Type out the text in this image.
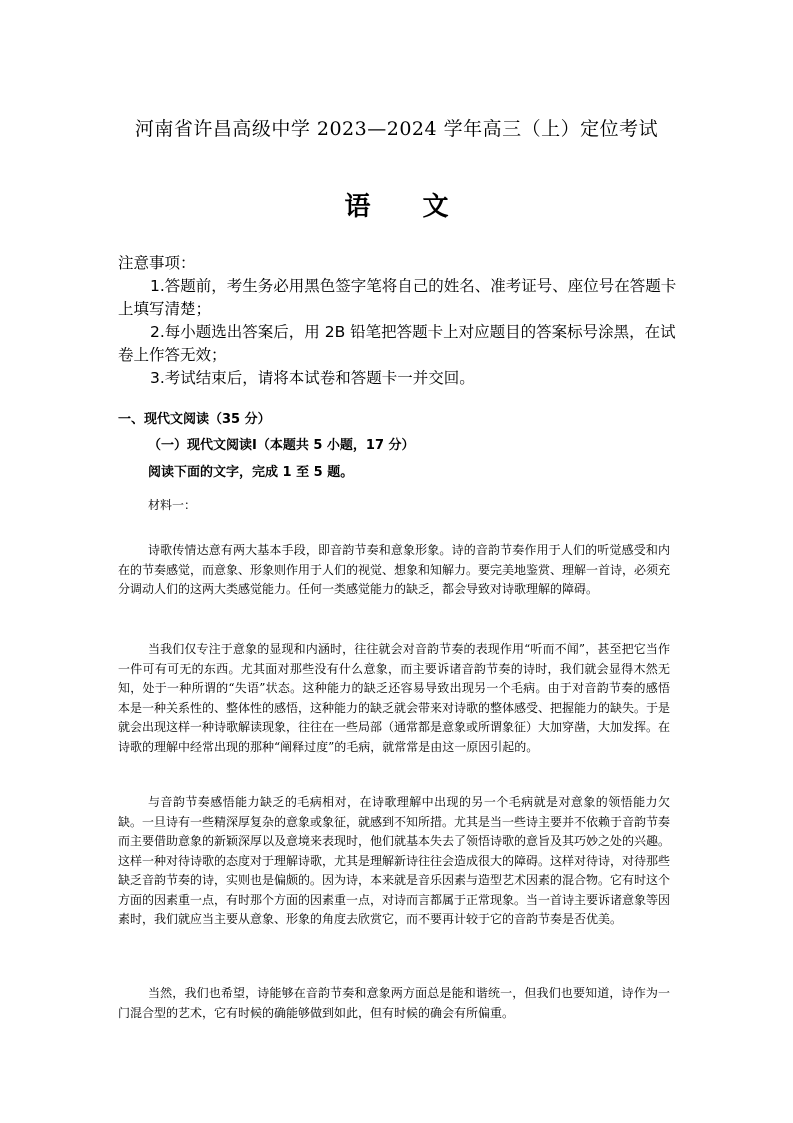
河南省许昌高级中学 2023—2024 学年高三（上）定位考试
语 文

注意事项：

1.答题前，考生务必用黑色签字笔将自己的姓名、准考证号、座位号在答题卡上填写清楚；

2.每小题选出答案后，用 2B 铅笔把答题卡上对应题目的答案标号涂黑，在试卷上作答无效；

3.考试结束后，请将本试卷和答题卡一并交回。

一、现代文阅读（35 分）
（一）现代文阅读Ⅰ（本题共 5 小题，17 分）
阅读下面的文字，完成 1 至 5 题。
材料一：

诗歌传情达意有两大基本手段，即音韵节奏和意象形象。诗的音韵节奏作用于人们的听觉感受和内在的节奏感觉，而意象、形象则作用于人们的视觉、想象和知解力。要完美地鉴赏、理解一首诗，必须充分调动人们的这两大类感觉能力。任何一类感觉能力的缺乏，都会导致对诗歌理解的障碍。

当我们仅专注于意象的显现和内涵时，往往就会对音韵节奏的表现作用“听而不闻”，甚至把它当作一件可有可无的东西。尤其面对那些没有什么意象，而主要诉诸音韵节奏的诗时，我们就会显得木然无知，处于一种所谓的“失语”状态。这种能力的缺乏还容易导致出现另一个毛病。由于对音韵节奏的感悟本是一种关系性的、整体性的感悟，这种能力的缺乏就会带来对诗歌的整体感受、把握能力的缺失。于是就会出现这样一种诗歌解读现象，往往在一些局部（通常都是意象或所谓象征）大加穿凿，大加发挥。在诗歌的理解中经常出现的那种“阐释过度”的毛病，就常常是由这一原因引起的。

与音韵节奏感悟能力缺乏的毛病相对，在诗歌理解中出现的另一个毛病就是对意象的领悟能力欠缺。一旦诗有一些精深厚复杂的意象或象征，就感到不知所措。尤其是当一些诗主要并不依赖于音韵节奏而主要借助意象的新颖深厚以及意境来表现时，他们就基本失去了领悟诗歌的意旨及其巧妙之处的兴趣。这样一种对待诗歌的态度对于理解诗歌，尤其是理解新诗往往会造成很大的障碍。这样对待诗，对待那些缺乏音韵节奏的诗，实则也是偏颇的。因为诗，本来就是音乐因素与造型艺术因素的混合物。它有时这个方面的因素重一点，有时那个方面的因素重一点，对诗而言都属于正常现象。当一首诗主要诉诸意象等因素时，我们就应当主要从意象、形象的角度去欣赏它，而不要再计较于它的音韵节奏是否优美。

当然，我们也希望，诗能够在音韵节奏和意象两方面总是能和谐统一，但我们也要知道，诗作为一门混合型的艺术，它有时候的确能够做到如此，但有时候的确会有所偏重。
